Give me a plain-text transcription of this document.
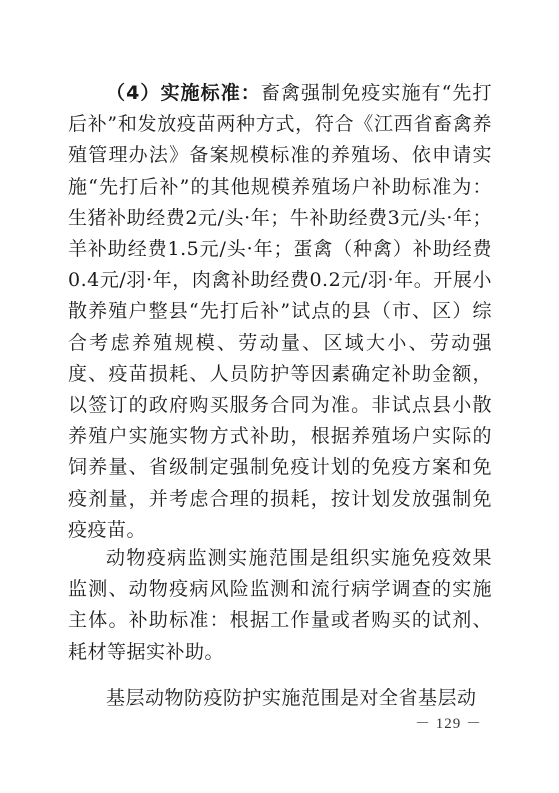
（4）实施标准：畜禽强制免疫实施有“先打后补”和发放疫苗两种方式，符合《江西省畜禽养殖管理办法》备案规模标准的养殖场、依申请实施“先打后补”的其他规模养殖场户补助标准为：生猪补助经费2元/头·年；牛补助经费3元/头·年；羊补助经费1.5元/头·年；蛋禽（种禽）补助经费0.4元/羽·年，肉禽补助经费0.2元/羽·年。开展小散养殖户整县“先打后补”试点的县（市、区）综合考虑养殖规模、劳动量、区域大小、劳动强度、疫苗损耗、人员防护等因素确定补助金额，以签订的政府购买服务合同为准。非试点县小散养殖户实施实物方式补助，根据养殖场户实际的饲养量、省级制定强制免疫计划的免疫方案和免疫剂量，并考虑合理的损耗，按计划发放强制免疫疫苗。

动物疫病监测实施范围是组织实施免疫效果监测、动物疫病风险监测和流行病学调查的实施主体。补助标准：根据工作量或者购买的试剂、耗材等据实补助。

基层动物防疫防护实施范围是对全省基层动

－ 129 －
